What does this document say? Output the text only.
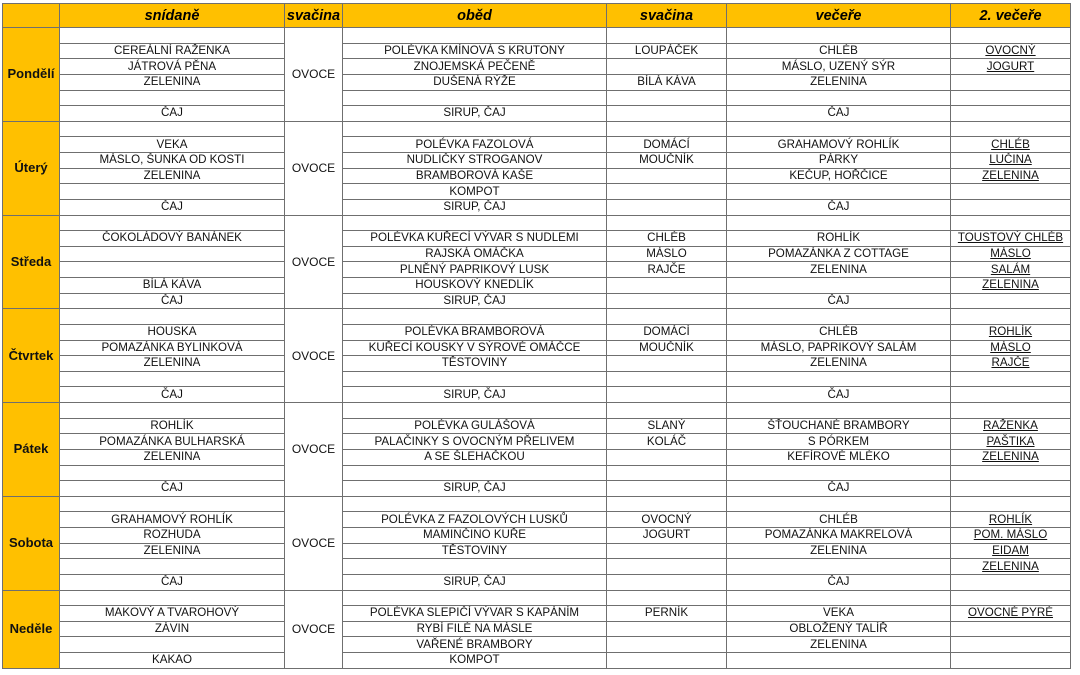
	snídaně	svačina	oběd	svačina	večeře	2. večeře
Pondělí		OVOCE				
	CEREÁLNÍ RAŽENKA		POLÉVKA KMÍNOVÁ S KRUTONY	LOUPÁČEK	CHLÉB	OVOCNÝ
	JÁTROVÁ PĚNA		ZNOJEMSKÁ PEČENĚ		MÁSLO, UZENÝ SÝR	JOGURT
	ZELENINA		DUŠENÁ RÝŽE	BÍLÁ KÁVA	ZELENINA	

	ČAJ		SIRUP, ČAJ		ČAJ	
Úterý		OVOCE				
	VEKA		POLÉVKA FAZOLOVÁ	DOMÁCÍ	GRAHAMOVÝ ROHLÍK	CHLÉB
	MÁSLO, ŠUNKA OD KOSTI		NUDLIČKY STROGANOV	MOUČNÍK	PÁRKY	LUČINA
	ZELENINA		BRAMBOROVÁ KAŠE		KEČUP, HOŘČICE	ZELENINA
			KOMPOT			
	ČAJ		SIRUP, ČAJ		ČAJ	
Středa		OVOCE				
	ČOKOLÁDOVÝ BANÁNEK		POLÉVKA KUŘECÍ VÝVAR S NUDLEMI	CHLÉB	ROHLÍK	TOUSTOVÝ CHLÉB
			RAJSKÁ OMÁČKA	MÁSLO	POMAZÁNKA Z COTTAGE	MÁSLO
			PLNĚNÝ PAPRIKOVÝ LUSK	RAJČE	ZELENINA	SALÁM
	BÍLÁ KÁVA		HOUSKOVÝ KNEDLÍK			ZELENINA
	ČAJ		SIRUP, ČAJ		ČAJ	
Čtvrtek		OVOCE				
	HOUSKA		POLÉVKA BRAMBOROVÁ	DOMÁCÍ	CHLÉB	ROHLÍK
	POMAZÁNKA BYLINKOVÁ		KUŘECÍ KOUSKY V SÝROVÉ OMÁČCE	MOUČNÍK	MÁSLO, PAPRIKOVÝ SALÁM	MÁSLO
	ZELENINA		TĚSTOVINY		ZELENINA	RAJČE

	ČAJ		SIRUP, ČAJ		ČAJ	
Pátek		OVOCE				
	ROHLÍK		POLÉVKA GULÁŠOVÁ	SLANÝ	ŠŤOUCHANÉ BRAMBORY	RAŽENKA
	POMAZÁNKA BULHARSKÁ		PALAČINKY S OVOCNÝM PŘELIVEM	KOLÁČ	S PÓRKEM	PAŠTIKA
	ZELENINA		A SE ŠLEHAČKOU		KEFÍROVÉ MLÉKO	ZELENINA

	ČAJ		SIRUP, ČAJ		ČAJ	
Sobota		OVOCE				
	GRAHAMOVÝ ROHLÍK		POLÉVKA Z FAZOLOVÝCH LUSKŮ	OVOCNÝ	CHLÉB	ROHLÍK
	ROZHUDA		MAMINČINO KUŘE	JOGURT	POMAZÁNKA MAKRELOVÁ	POM. MÁSLO
	ZELENINA		TĚSTOVINY		ZELENINA	EIDAM
						ZELENINA
	ČAJ		SIRUP, ČAJ		ČAJ	
Neděle		OVOCE				
	MAKOVÝ A TVAROHOVÝ		POLÉVKA SLEPIČÍ VÝVAR S KAPÁNÍM	PERNÍK	VEKA	OVOCNÉ PYRÉ
	ZÁVIN		RYBÍ FILÉ NA MÁSLE		OBLOŽENÝ TALÍŘ	
			VAŘENÉ BRAMBORY		ZELENINA	
	KAKAO		KOMPOT			
